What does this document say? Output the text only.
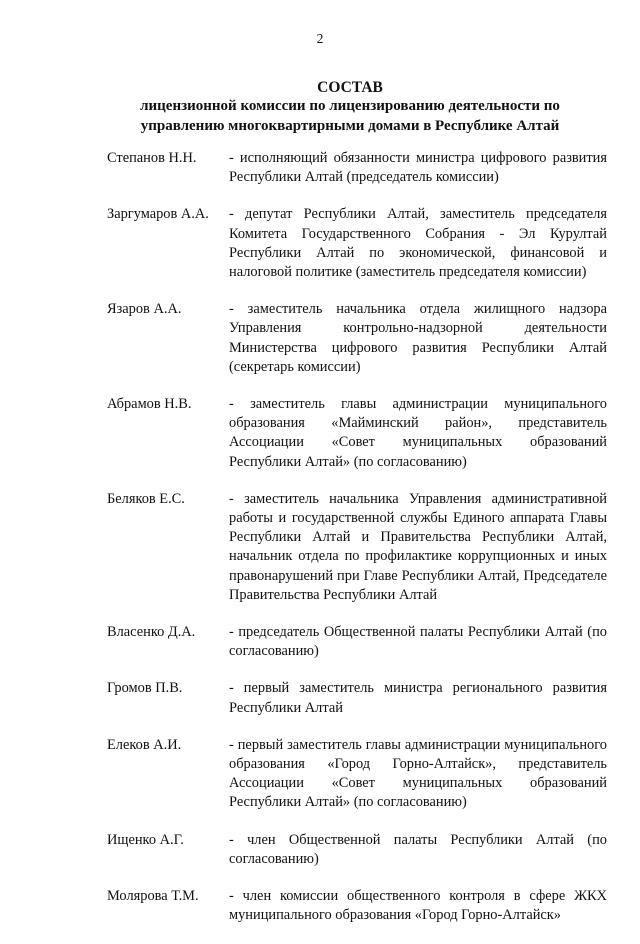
2
СОСТАВ
лицензионной комиссии по лицензированию деятельности по
управлению многоквартирными домами в Республике Алтай
Степанов Н.Н.	- исполняющий обязанности министра цифрового развития Республики Алтай (председатель комиссии)
Заргумаров А.А.	- депутат Республики Алтай, заместитель председателя Комитета Государственного Собрания - Эл Курултай Республики Алтай по экономической, финансовой и налоговой политике (заместитель председателя комиссии)
Язаров А.А.	- заместитель начальника отдела жилищного надзора Управления контрольно-надзорной деятельности Министерства цифрового развития Республики Алтай (секретарь комиссии)
Абрамов Н.В.	- заместитель главы администрации муниципального образования «Майминский район», представитель Ассоциации «Совет муниципальных образований Республики Алтай» (по согласованию)
Беляков Е.С.	- заместитель начальника Управления административной работы и государственной службы Единого аппарата Главы Республики Алтай и Правительства Республики Алтай, начальник отдела по профилактике коррупционных и иных правонарушений при Главе Республики Алтай, Председателе Правительства Республики Алтай
Власенко Д.А.	- председатель Общественной палаты Республики Алтай (по согласованию)
Громов П.В.	- первый заместитель министра регионального развития Республики Алтай
Елеков А.И.	- первый заместитель главы администрации муниципального образования «Город Горно-Алтайск», представитель Ассоциации «Совет муниципальных образований Республики Алтай» (по согласованию)
Ищенко А.Г.	- член Общественной палаты Республики Алтай (по согласованию)
Молярова Т.М.	- член комиссии общественного контроля в сфере ЖКХ муниципального образования «Город Горно-Алтайск»
